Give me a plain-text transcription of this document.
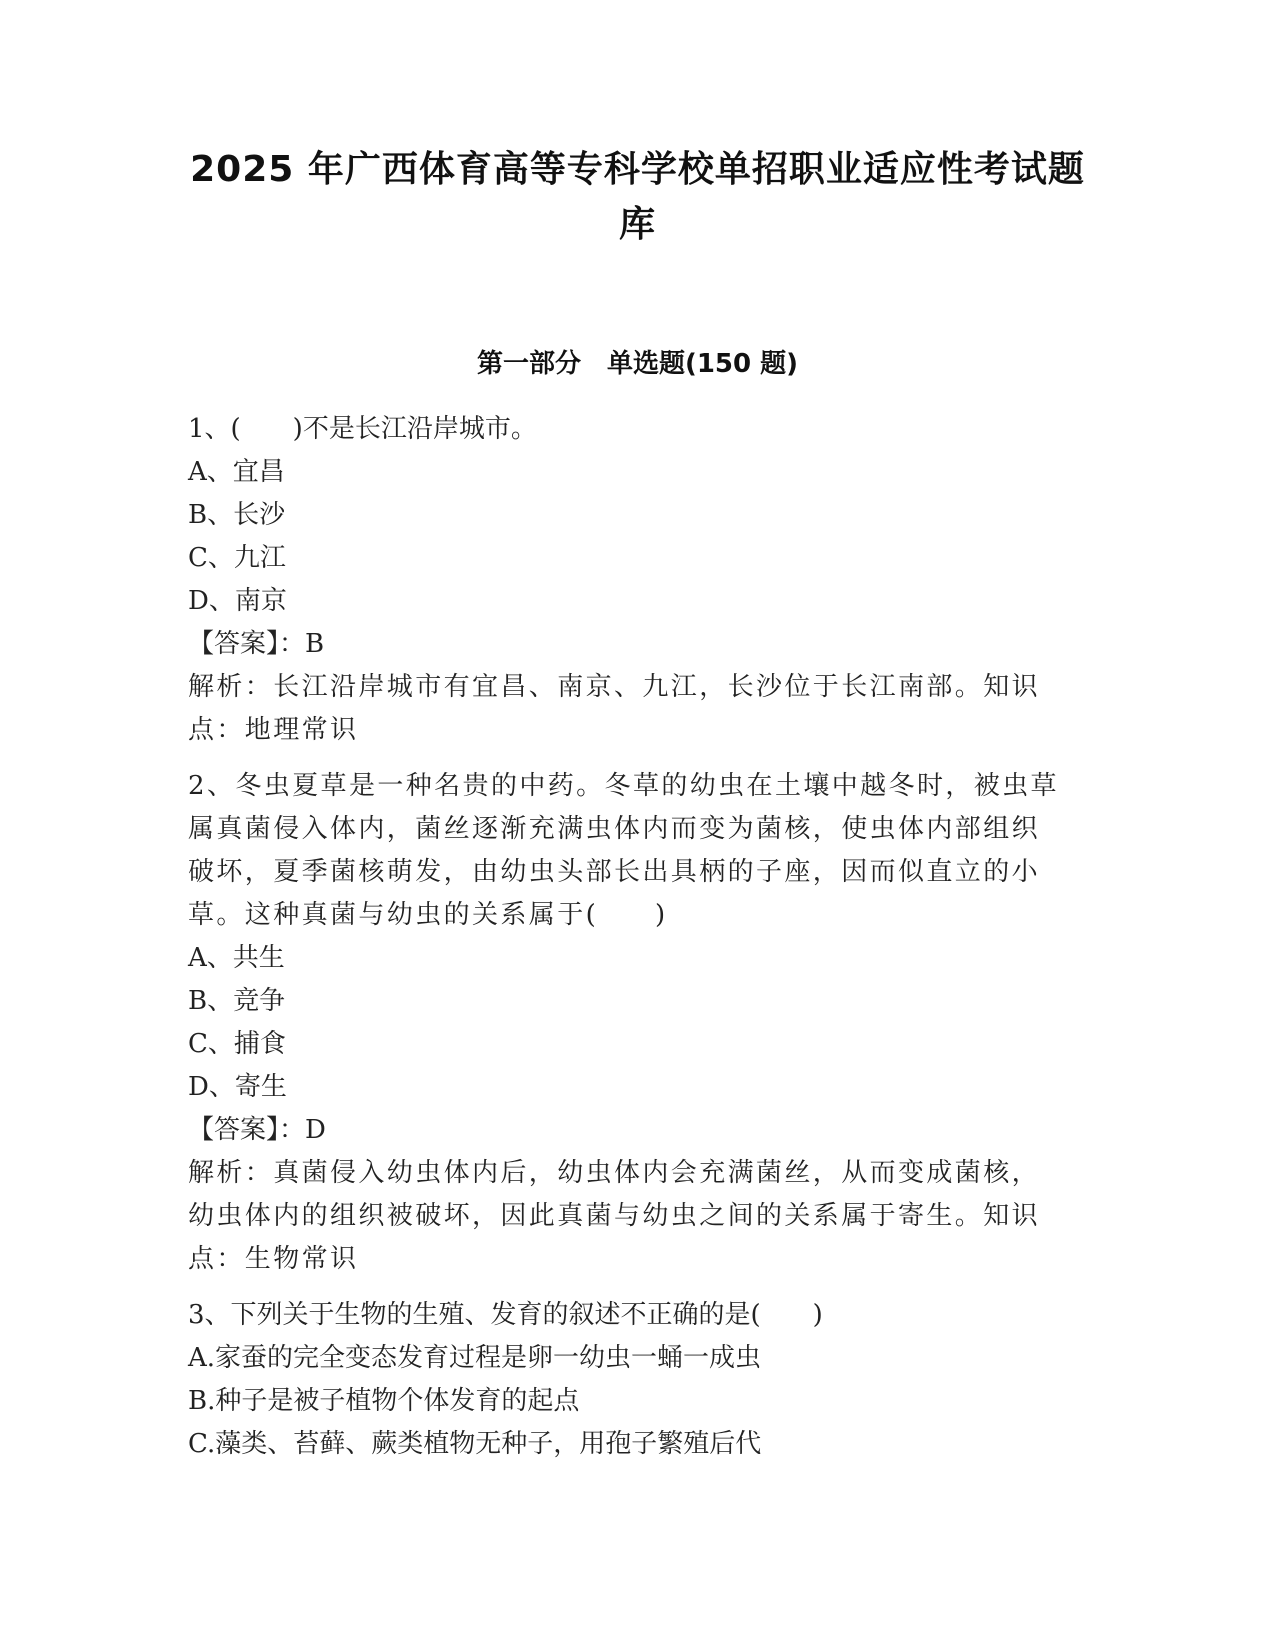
2025 年广西体育高等专科学校单招职业适应性考试题
库
第一部分　单选题(150 题)
1、(　　)不是长江沿岸城市。
A、宜昌
B、长沙
C、九江
D、南京
【答案】：B
解析：长江沿岸城市有宜昌、南京、九江，长沙位于长江南部。知识点：地理常识
2、冬虫夏草是一种名贵的中药。冬草的幼虫在土壤中越冬时，被虫草属真菌侵入体内，菌丝逐渐充满虫体内而变为菌核，使虫体内部组织破坏，夏季菌核萌发，由幼虫头部长出具柄的子座，因而似直立的小草。这种真菌与幼虫的关系属于(　　)
A、共生
B、竞争
C、捕食
D、寄生
【答案】：D
解析：真菌侵入幼虫体内后，幼虫体内会充满菌丝，从而变成菌核，幼虫体内的组织被破坏，因此真菌与幼虫之间的关系属于寄生。知识点：生物常识
3、下列关于生物的生殖、发育的叙述不正确的是(　　)
A.家蚕的完全变态发育过程是卵一幼虫一蛹一成虫
B.种子是被子植物个体发育的起点
C.藻类、苔藓、蕨类植物无种子，用孢子繁殖后代
